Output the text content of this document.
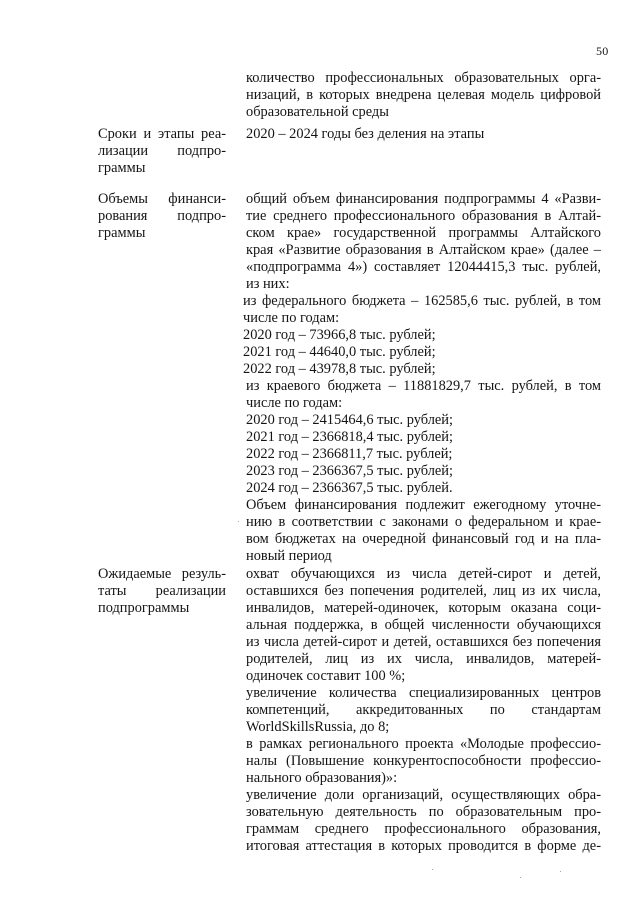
50
количество профессиональных образовательных орга-
низаций, в которых внедрена целевая модель цифровой
образовательной среды
Сроки и этапы реа-
лизации подпро-
граммы
2020 – 2024 годы без деления на этапы
Объемы финанси-
рования подпро-
граммы
общий объем финансирования подпрограммы 4 «Разви-
тие среднего профессионального образования в Алтай-
ском крае» государственной программы Алтайского
края «Развитие образования в Алтайском крае» (далее –
«подпрограмма 4») составляет 12044415,3 тыс. рублей,
из них:
из федерального бюджета – 162585,6 тыс. рублей, в том
числе по годам:
2020 год – 73966,8 тыс. рублей;
2021 год – 44640,0 тыс. рублей;
2022 год – 43978,8 тыс. рублей;
из краевого бюджета – 11881829,7 тыс. рублей, в том
числе по годам:
2020 год – 2415464,6 тыс. рублей;
2021 год – 2366818,4 тыс. рублей;
2022 год – 2366811,7 тыс. рублей;
2023 год – 2366367,5 тыс. рублей;
2024 год – 2366367,5 тыс. рублей.
Объем финансирования подлежит ежегодному уточне-
нию в соответствии с законами о федеральном и крае-
вом бюджетах на очередной финансовый год и на пла-
новый период
Ожидаемые резуль-
таты реализации
подпрограммы
охват обучающихся из числа детей-сирот и детей,
оставшихся без попечения родителей, лиц из их числа,
инвалидов, матерей-одиночек, которым оказана соци-
альная поддержка, в общей численности обучающихся
из числа детей-сирот и детей, оставшихся без попечения
родителей, лиц из их числа, инвалидов, матерей-
одиночек составит 100 %;
увеличение количества специализированных центров
компетенций, аккредитованных по стандартам
WorldSkillsRussia, до 8;
в рамках регионального проекта «Молодые профессио-
налы (Повышение конкурентоспособности профессио-
нального образования)»:
увеличение доли организаций, осуществляющих обра-
зовательную деятельность по образовательным про-
граммам среднего профессионального образования,
итоговая аттестация в которых проводится в форме де-
